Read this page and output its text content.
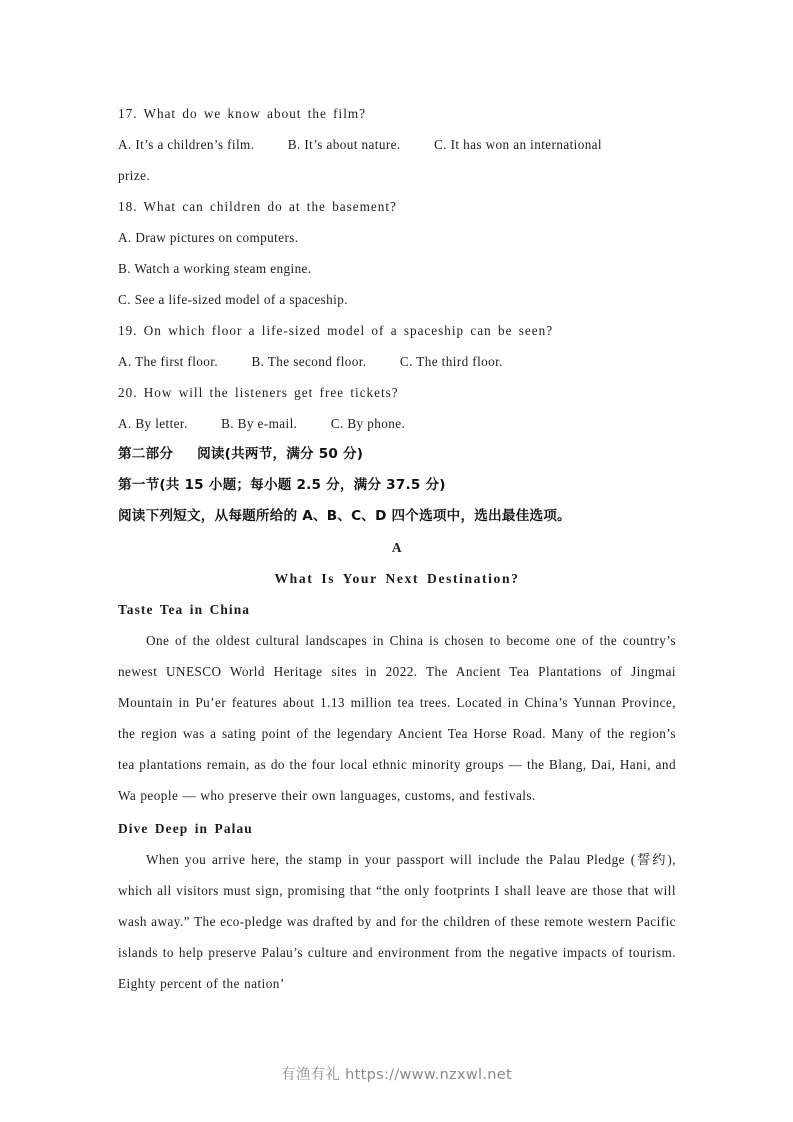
17. What do we know about the film?
A. It’s a children’s film.	B. It’s about nature.	C. It has won an international
prize.
18. What can children do at the basement?
A. Draw pictures on computers.
B. Watch a working steam engine.
C. See a life-sized model of a spaceship.
19. On which floor a life-sized model of a spaceship can be seen?
A. The first floor.	B. The second floor.	C. The third floor.
20. How will the listeners get free tickets?
A. By letter.	B. By e-mail.	C. By phone.
第二部分 阅读(共两节，满分 50 分)
第一节(共 15 小题；每小题 2.5 分，满分 37.5 分)
阅读下列短文，从每题所给的 A、B、C、D 四个选项中，选出最佳选项。
A
What Is Your Next Destination?
Taste Tea in China
One of the oldest cultural landscapes in China is chosen to become one of the country’s newest UNESCO World Heritage sites in 2022. The Ancient Tea Plantations of Jingmai Mountain in Pu’er features about 1.13 million tea trees. Located in China’s Yunnan Province, the region was a sating point of the legendary Ancient Tea Horse Road. Many of the region’s tea plantations remain, as do the four local ethnic minority groups — the Blang, Dai, Hani, and Wa people — who preserve their own languages, customs, and festivals.
Dive Deep in Palau
When you arrive here, the stamp in your passport will include the Palau Pledge (誓约), which all visitors must sign, promising that “the only footprints I shall leave are those that will wash away.” The eco-pledge was drafted by and for the children of these remote western Pacific islands to help preserve Palau’s culture and environment from the negative impacts of tourism. Eighty percent of the nation’
有渔有礼 https://www.nzxwl.net
